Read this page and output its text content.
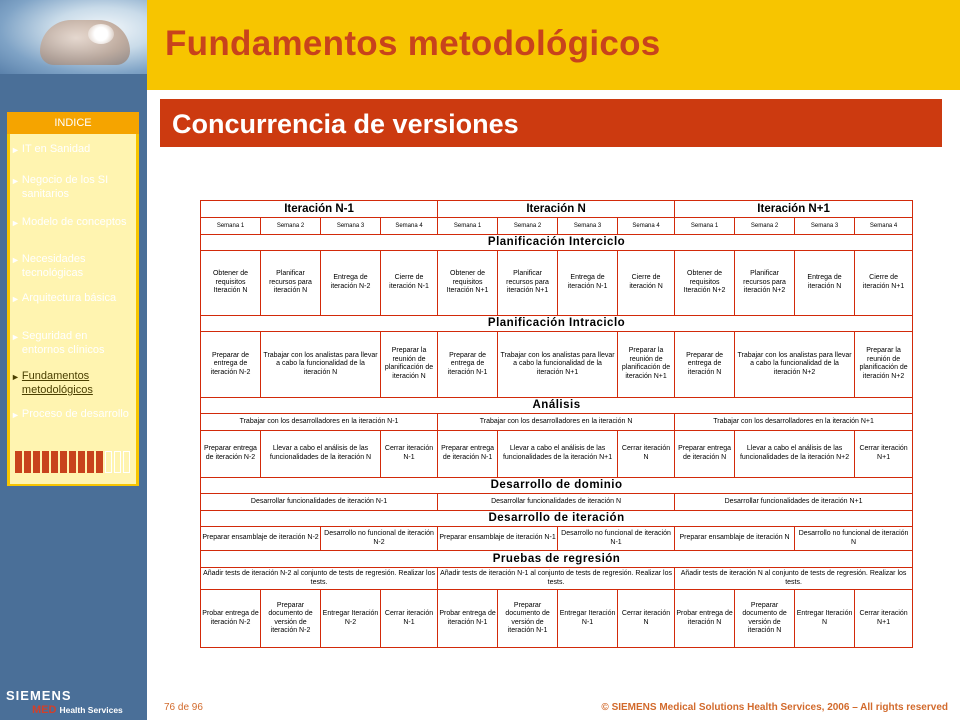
Fundamentos metodológicos
Concurrencia de versiones
INDICE
► IT en Sanidad
► Negocio de los SI sanitarios
► Modelo de conceptos
► Necesidades tecnológicas
► Arquitectura básica
► Seguridad en entornos clínicos
► Fundamentos metodológicos
► Proceso de desarrollo
Iteración N-1				Iteración N				Iteración N+1			
Semana 1	Semana 2	Semana 3	Semana 4	Semana 1	Semana 2	Semana 3	Semana 4	Semana 1	Semana 2	Semana 3	Semana 4
Planificación Interciclo											
Obtener de requisitos Iteración N	Planificar recursos para iteración N	Entrega de iteración N-2	Cierre de iteración N-1	Obtener de requisitos Iteración N+1	Planificar recursos para iteración N+1	Entrega de iteración N-1	Cierre de iteración N	Obtener de requisitos Iteración N+2	Planificar recursos para iteración N+2	Entrega de iteración N	Cierre de iteración N+1
Planificación Intraciclo											
Preparar de entrega de iteración N-2	Trabajar con los analistas para llevar a cabo la funcionalidad de la iteración N		Preparar la reunión de planificación de iteración N	Preparar de entrega de iteración N-1	Trabajar con los analistas para llevar a cabo la funcionalidad de la iteración N+1		Preparar la reunión de planificación de iteración N+1	Preparar de entrega de iteración N	Trabajar con los analistas para llevar a cabo la funcionalidad de la iteración N+2		Preparar la reunión de planificación de iteración N+2
Análisis											
Trabajar con los desarrolladores en la iteración N-1				Trabajar con los desarrolladores en la iteración N				Trabajar con los desarrolladores en la iteración N+1			
Preparar entrega de iteración N-2	Llevar a cabo el análisis de las funcionalidades de la iteración N		Cerrar iteración N-1	Preparar entrega de iteración N-1	Llevar a cabo el análisis de las funcionalidades de la iteración N+1		Cerrar iteración N	Preparar entrega de iteración N	Llevar a cabo el análisis de las funcionalidades de la iteración N+2		Cerrar iteración N+1
Desarrollo de dominio											
Desarrollar funcionalidades de iteración N-1				Desarrollar funcionalidades de iteración N				Desarrollar funcionalidades de iteración N+1			
Desarrollo de iteración											
Preparar ensamblaje de iteración N-2		Desarrollo no funcional de iteración N-2		Preparar ensamblaje de iteración N-1		Desarrollo no funcional de iteración N-1		Preparar ensamblaje de iteración N		Desarrollo no funcional de iteración N	
Pruebas de regresión											
Añadir tests de iteración N-2 al conjunto de tests de regresión. Realizar los tests.				Añadir tests de iteración N-1 al conjunto de tests de regresión. Realizar los tests.				Añadir tests de iteración N al conjunto de tests de regresión. Realizar los tests.			
Probar entrega de iteración N-2	Preparar documento de versión de iteración N-2	Entregar Iteración N-2	Cerrar iteración N-1	Probar entrega de iteración N-1	Preparar documento de versión de iteración N-1	Entregar Iteración N-1	Cerrar iteración N	Probar entrega de iteración N	Preparar documento de versión de iteración N	Entregar Iteración N	Cerrar iteración N+1
SIEMENS
MED Health Services	76 de 96	© SIEMENS Medical Solutions Health Services, 2006 – All rights reserved
